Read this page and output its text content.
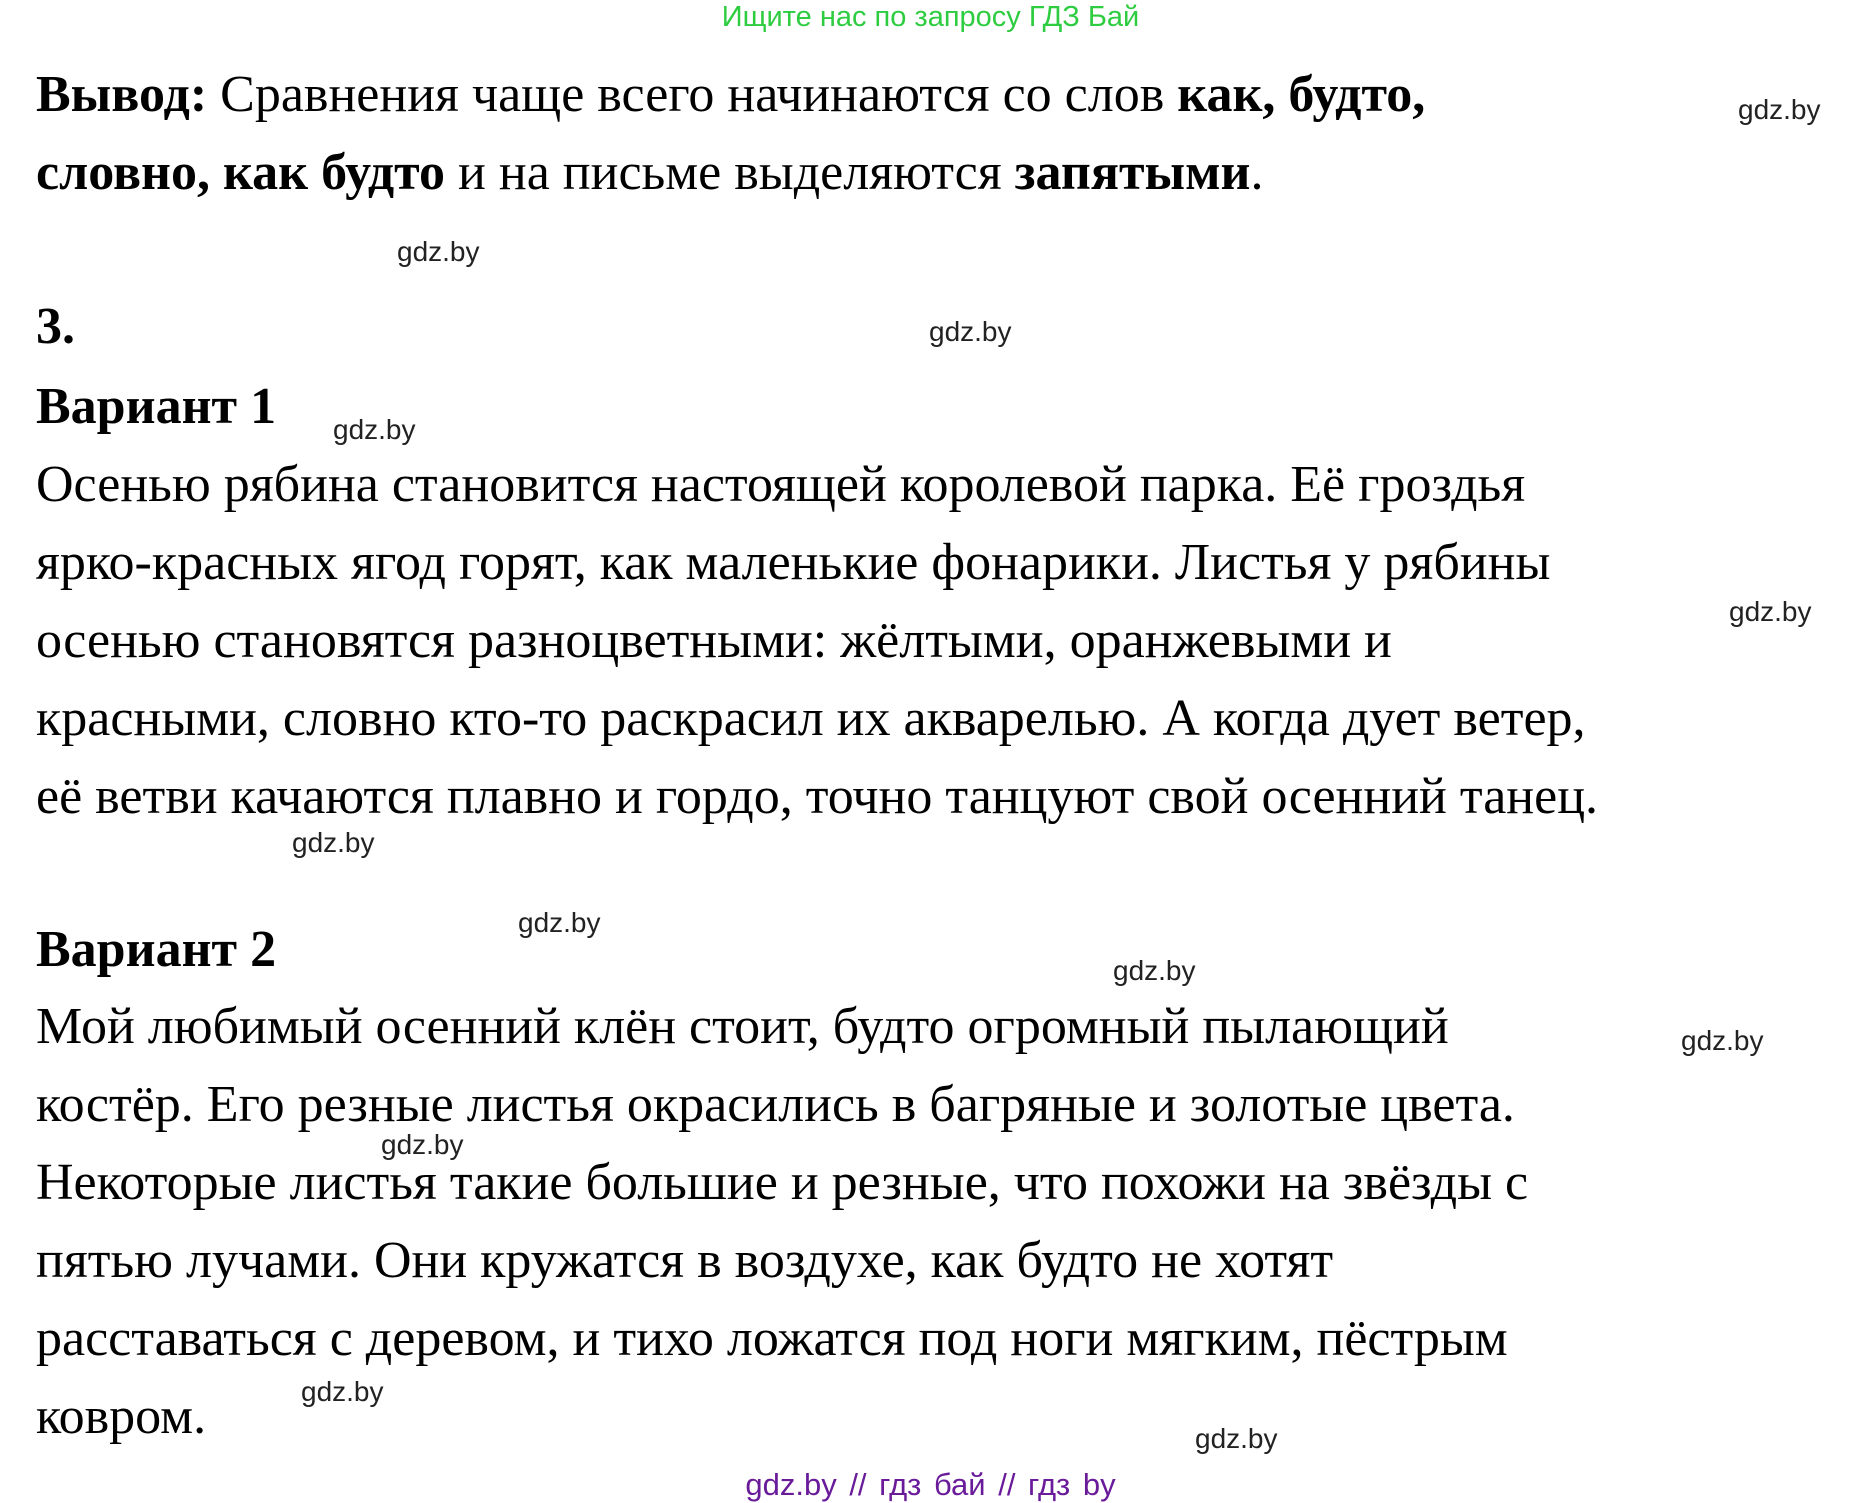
Ищите нас по запросу ГДЗ Бай

Вывод: Сравнения чаще всего начинаются со слов как, будто,
словно, как будто и на письме выделяются запятыми.

3.
Вариант 1

Осенью рябина становится настоящей королевой парка. Её гроздья
ярко-красных ягод горят, как маленькие фонарики. Листья у рябины
осенью становятся разноцветными: жёлтыми, оранжевыми и
красными, словно кто-то раскрасил их акварелью. А когда дует ветер,
её ветви качаются плавно и гордо, точно танцуют свой осенний танец.

Вариант 2

Мой любимый осенний клён стоит, будто огромный пылающий
костёр. Его резные листья окрасились в багряные и золотые цвета.
Некоторые листья такие большие и резные, что похожи на звёзды с
пятью лучами. Они кружатся в воздухе, как будто не хотят
расставаться с деревом, и тихо ложатся под ноги мягким, пёстрым
ковром.

gdz.by
gdz.by
gdz.by
gdz.by
gdz.by
gdz.by
gdz.by
gdz.by
gdz.by
gdz.by
gdz.by
gdz.by
gdz.by // гдз бай // гдз by
